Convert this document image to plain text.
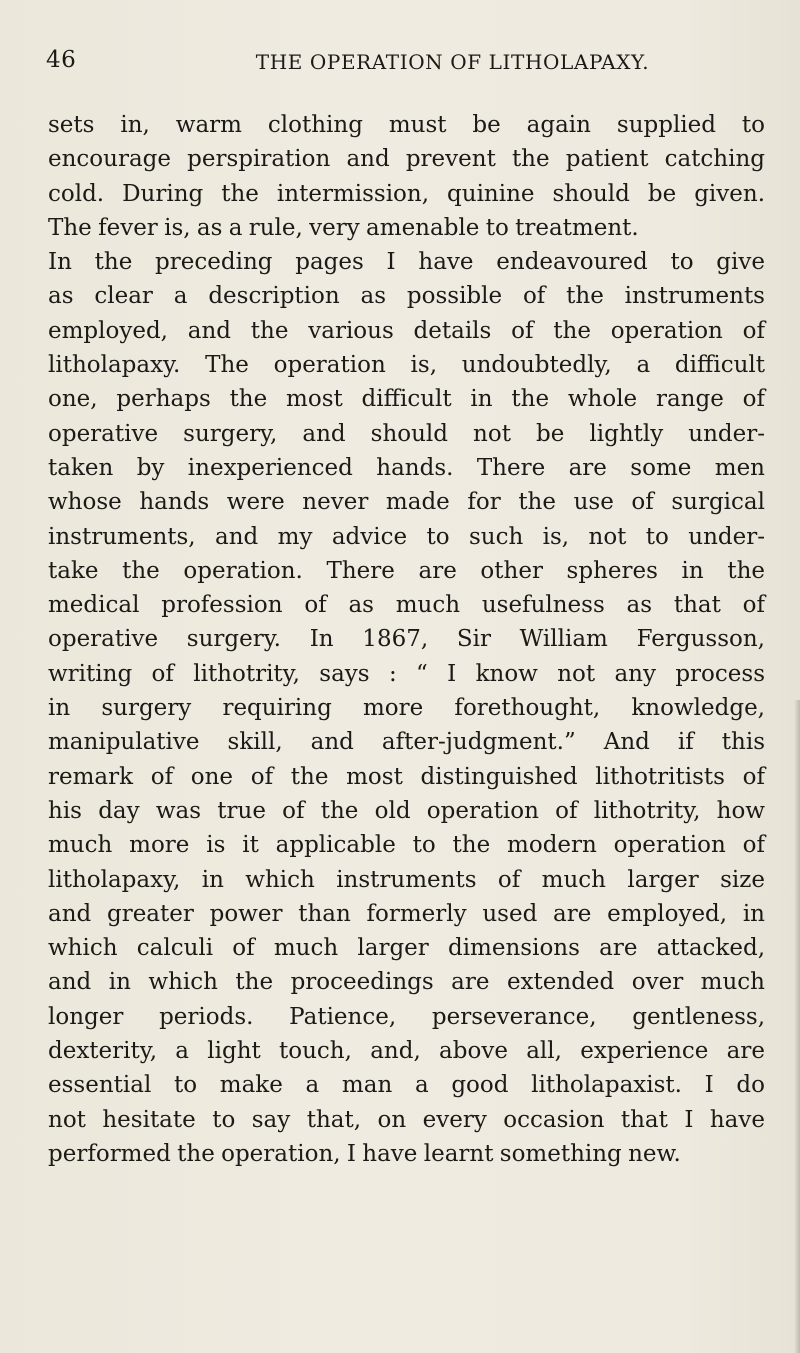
46	THE OPERATION OF LITHOLAPAXY.
sets in, warm clothing must be again supplied to
encourage perspiration and prevent the patient catching
cold. During the intermission, quinine should be given.
The fever is, as a rule, very amenable to treatment.
In the preceding pages I have endeavoured to give
as clear a description as possible of the instruments
employed, and the various details of the operation of
litholapaxy. The operation is, undoubtedly, a difficult
one, perhaps the most difficult in the whole range of
operative surgery, and should not be lightly under-
taken by inexperienced hands. There are some men
whose hands were never made for the use of surgical
instruments, and my advice to such is, not to under-
take the operation. There are other spheres in the
medical profession of as much usefulness as that of
operative surgery. In 1867, Sir William Fergusson,
writing of lithotrity, says : “ I know not any process
in surgery requiring more forethought, knowledge,
manipulative skill, and after-judgment.” And if this
remark of one of the most distinguished lithotritists of
his day was true of the old operation of lithotrity, how
much more is it applicable to the modern operation of
litholapaxy, in which instruments of much larger size
and greater power than formerly used are employed, in
which calculi of much larger dimensions are attacked,
and in which the proceedings are extended over much
longer periods. Patience, perseverance, gentleness,
dexterity, a light touch, and, above all, experience are
essential to make a man a good litholapaxist. I do
not hesitate to say that, on every occasion that I have
performed the operation, I have learnt something new.
